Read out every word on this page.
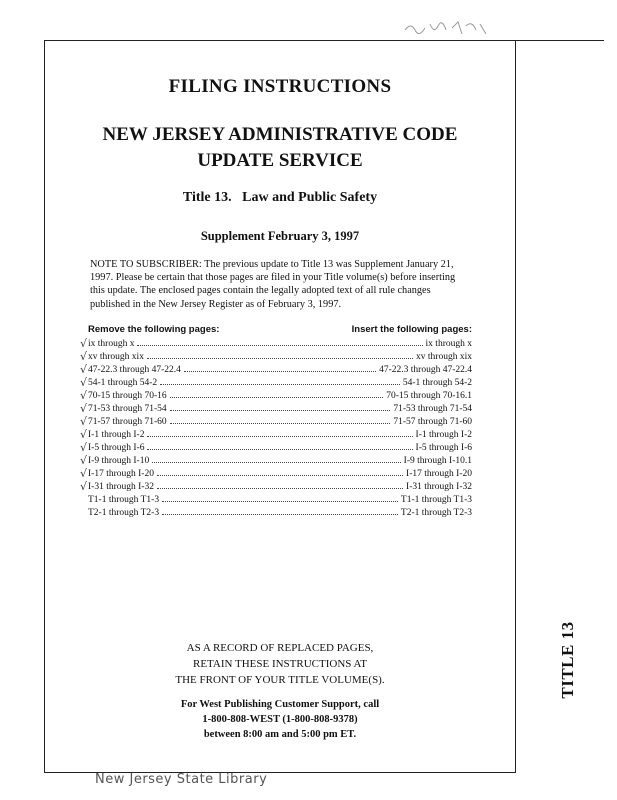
TITLE 13
FILING INSTRUCTIONS
NEW JERSEY ADMINISTRATIVE CODE
UPDATE SERVICE
Title 13.   Law and Public Safety
Supplement February 3, 1997
NOTE TO SUBSCRIBER: The previous update to Title 13 was Supplement January 21, 1997. Please be certain that those pages are filed in your Title volume(s) before inserting this update. The enclosed pages contain the legally adopted text of all rule changes published in the New Jersey Register as of February 3, 1997.
Remove the following pages:	Insert the following pages:
√ ix through x	ix through x
√ xv through xix	xv through xix
√ 47-22.3 through 47-22.4	47-22.3 through 47-22.4
√ 54-1 through 54-2	54-1 through 54-2
√ 70-15 through 70-16	70-15 through 70-16.1
√ 71-53 through 71-54	71-53 through 71-54
√ 71-57 through 71-60	71-57 through 71-60
√ I-1 through I-2	I-1 through I-2
√ I-5 through I-6	I-5 through I-6
√ I-9 through I-10	I-9 through I-10.1
√ I-17 through I-20	I-17 through I-20
√ I-31 through I-32	I-31 through I-32
T1-1 through T1-3	T1-1 through T1-3
T2-1 through T2-3	T2-1 through T2-3
AS A RECORD OF REPLACED PAGES,
RETAIN THESE INSTRUCTIONS AT
THE FRONT OF YOUR TITLE VOLUME(S).
For West Publishing Customer Support, call
1-800-808-WEST (1-800-808-9378)
between 8:00 am and 5:00 pm ET.
New Jersey State Library
